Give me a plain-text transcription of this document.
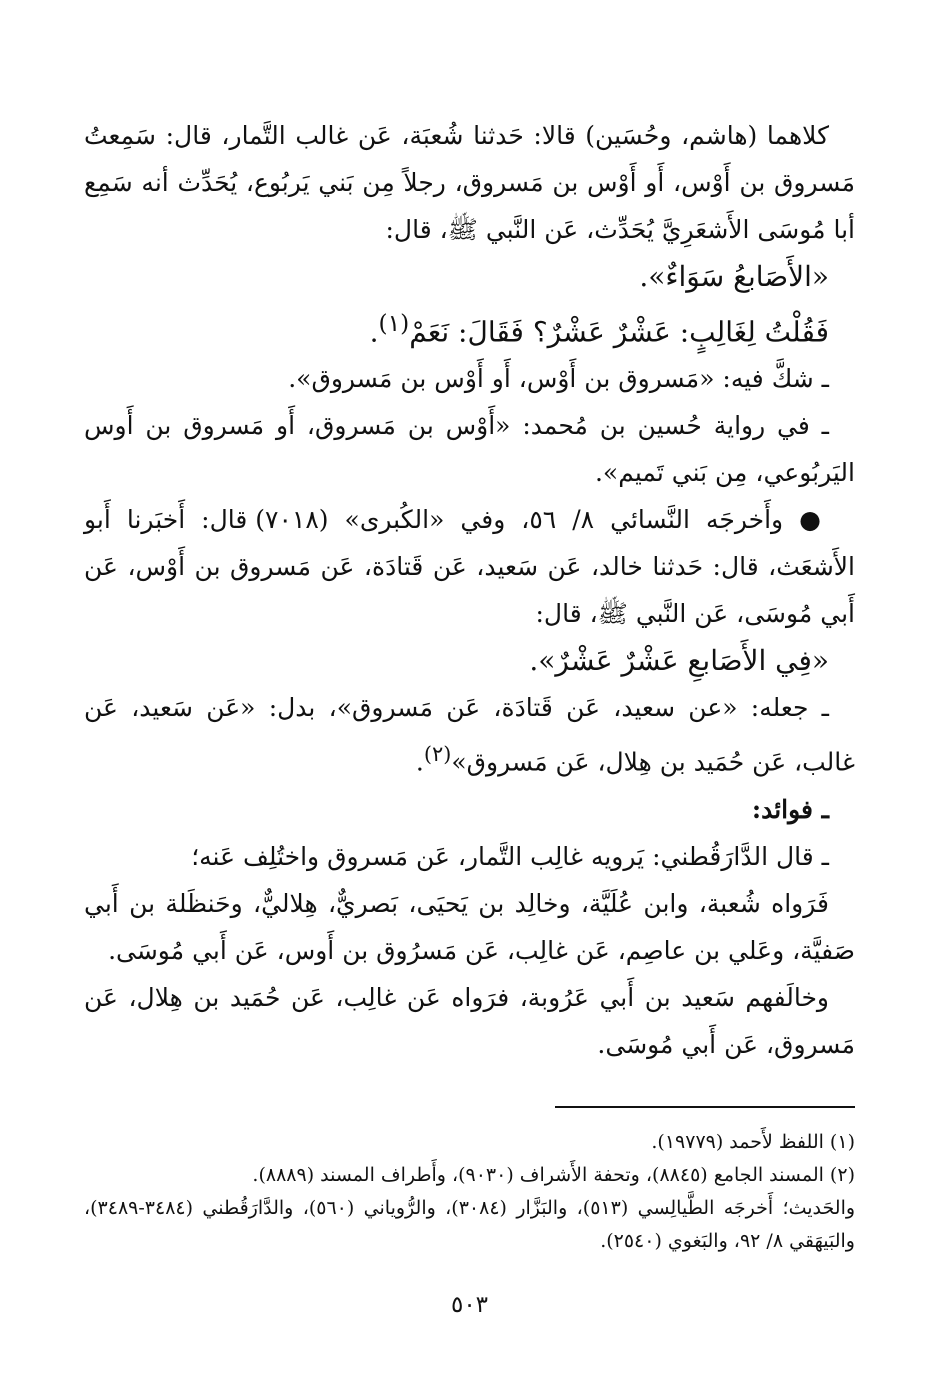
كلاهما (هاشم، وحُسَين) قالا: حَدثنا شُعبَة، عَن غالب التَّمار، قال: سَمِعتُ مَسروق بن أَوْس، أَو أَوْس بن مَسروق، رجلاً مِن بَني يَربُوع، يُحَدِّث أنه سَمِع أبا مُوسَى الأَشعَرِيَّ يُحَدِّث، عَن النَّبي ﷺ، قال:

«الأَصَابعُ سَوَاءٌ».

فَقُلْتُ لِغَالِبٍ: عَشْرٌ عَشْرٌ؟ فَقَالَ: نَعَمْ$^{(١)}$.

ـ شكَّ فيه: «مَسروق بن أَوْس، أَو أَوْس بن مَسروق».

ـ في رواية حُسين بن مُحمد: «أَوْس بن مَسروق، أَو مَسروق بن أَوس اليَربُوعي، مِن بَني تَميم».

● وأَخرجَه النَّسائي ٨/ ٥٦، وفي «الكُبرى» (٧٠١٨) قال: أَخبَرنا أَبو الأَشعَث، قال: حَدثنا خالد، عَن سَعيد، عَن قَتادَة، عَن مَسروق بن أَوْس، عَن أَبي مُوسَى، عَن النَّبي ﷺ، قال:

«فِي الأَصَابعِ عَشْرٌ عَشْرٌ».

ـ جعله: «عن سعيد، عَن قَتادَة، عَن مَسروق»، بدل: «عَن سَعيد، عَن غالب، عَن حُمَيد بن هِلال، عَن مَسروق»$^{(٢)}$.

ـ فوائد:

ـ قال الدَّارَقُطني: يَرويه غالِب التَّمار، عَن مَسروق واختُلِف عَنه؛

فَرَواه شُعبة، وابن عُلَيَّة، وخالِد بن يَحيَى، بَصريٌّ، هِلاليٌّ، وحَنظَلة بن أَبي صَفيَّة، وعَلي بن عاصِم، عَن غالِب، عَن مَسرُوق بن أَوس، عَن أَبي مُوسَى.

وخالَفهم سَعيد بن أَبي عَرُوبة، فرَواه عَن غالِب، عَن حُمَيد بن هِلال، عَن مَسروق، عَن أَبي مُوسَى.

(١) اللفظ لأَحمد (١٩٧٧٩).

(٢) المسند الجامع (٨٨٤٥)، وتحفة الأَشراف (٩٠٣٠)، وأَطراف المسند (٨٨٨٩).

والحَديث؛ أَخرجَه الطَّيالِسي (٥١٣)، والبَزَّار (٣٠٨٤)، والرُّوياني (٥٦٠)، والدَّارَقُطني (٣٤٨٤-٣٤٨٩)، والبَيهَقي ٨/ ٩٢، والبَغوي (٢٥٤٠).

٥٠٣
